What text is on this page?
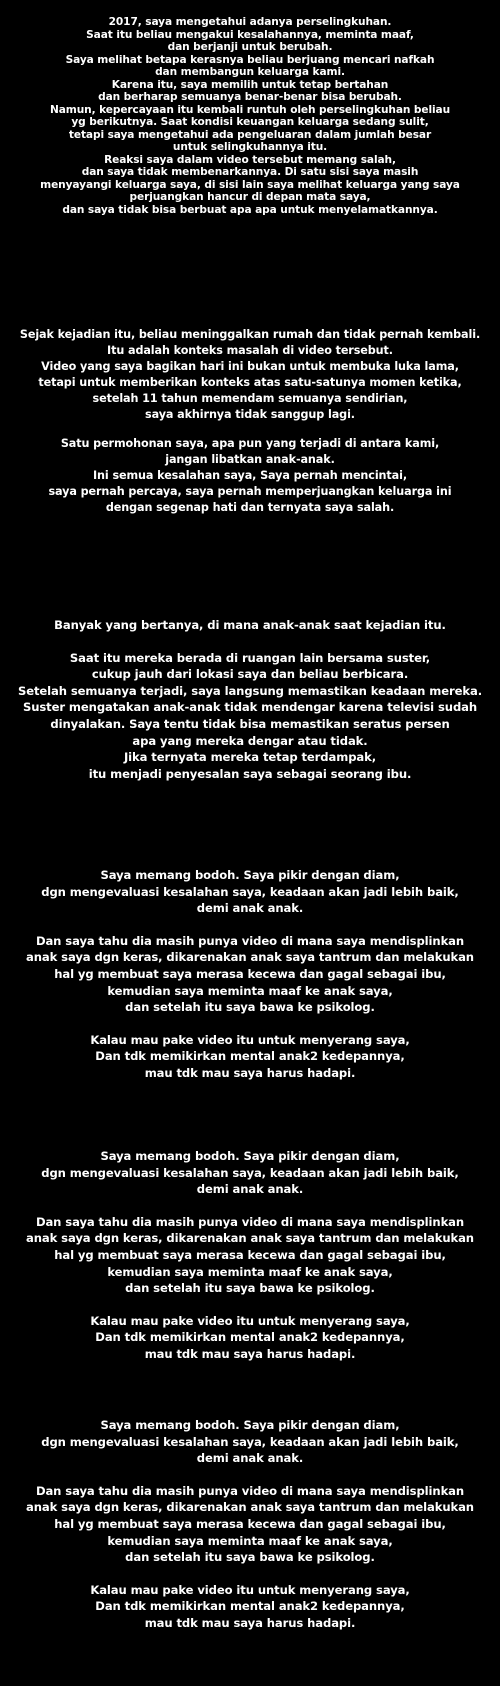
2017, saya mengetahui adanya perselingkuhan.
Saat itu beliau mengakui kesalahannya, meminta maaf,
dan berjanji untuk berubah.
Saya melihat betapa kerasnya beliau berjuang mencari nafkah
dan membangun keluarga kami.
Karena itu, saya memilih untuk tetap bertahan
dan berharap semuanya benar-benar bisa berubah.
Namun, kepercayaan itu kembali runtuh oleh perselingkuhan beliau
yg berikutnya. Saat kondisi keuangan keluarga sedang sulit,
tetapi saya mengetahui ada pengeluaran dalam jumlah besar
untuk selingkuhannya itu.
Reaksi saya dalam video tersebut memang salah,
dan saya tidak membenarkannya. Di satu sisi saya masih
menyayangi keluarga saya, di sisi lain saya melihat keluarga yang saya
perjuangkan hancur di depan mata saya,
dan saya tidak bisa berbuat apa apa untuk menyelamatkannya.
Sejak kejadian itu, beliau meninggalkan rumah dan tidak pernah kembali.
Itu adalah konteks masalah di video tersebut.
Video yang saya bagikan hari ini bukan untuk membuka luka lama,
tetapi untuk memberikan konteks atas satu-satunya momen ketika,
setelah 11 tahun memendam semuanya sendirian,
saya akhirnya tidak sanggup lagi.
Satu permohonan saya, apa pun yang terjadi di antara kami,
jangan libatkan anak-anak.
Ini semua kesalahan saya, Saya pernah mencintai,
saya pernah percaya, saya pernah memperjuangkan keluarga ini
dengan segenap hati dan ternyata saya salah.
Banyak yang bertanya, di mana anak-anak saat kejadian itu.
Saat itu mereka berada di ruangan lain bersama suster,
cukup jauh dari lokasi saya dan beliau berbicara.
Setelah semuanya terjadi, saya langsung memastikan keadaan mereka.
Suster mengatakan anak-anak tidak mendengar karena televisi sudah
dinyalakan. Saya tentu tidak bisa memastikan seratus persen
apa yang mereka dengar atau tidak.
Jika ternyata mereka tetap terdampak,
itu menjadi penyesalan saya sebagai seorang ibu.
Saya memang bodoh. Saya pikir dengan diam,
dgn mengevaluasi kesalahan saya, keadaan akan jadi lebih baik,
demi anak anak.
Dan saya tahu dia masih punya video di mana saya mendisplinkan
anak saya dgn keras, dikarenakan anak saya tantrum dan melakukan
hal yg membuat saya merasa kecewa dan gagal sebagai ibu,
kemudian saya meminta maaf ke anak saya,
dan setelah itu saya bawa ke psikolog.
Kalau mau pake video itu untuk menyerang saya,
Dan tdk memikirkan mental anak2 kedepannya,
mau tdk mau saya harus hadapi.
Saya memang bodoh. Saya pikir dengan diam,
dgn mengevaluasi kesalahan saya, keadaan akan jadi lebih baik,
demi anak anak.
Dan saya tahu dia masih punya video di mana saya mendisplinkan
anak saya dgn keras, dikarenakan anak saya tantrum dan melakukan
hal yg membuat saya merasa kecewa dan gagal sebagai ibu,
kemudian saya meminta maaf ke anak saya,
dan setelah itu saya bawa ke psikolog.
Kalau mau pake video itu untuk menyerang saya,
Dan tdk memikirkan mental anak2 kedepannya,
mau tdk mau saya harus hadapi.
Saya memang bodoh. Saya pikir dengan diam,
dgn mengevaluasi kesalahan saya, keadaan akan jadi lebih baik,
demi anak anak.
Dan saya tahu dia masih punya video di mana saya mendisplinkan
anak saya dgn keras, dikarenakan anak saya tantrum dan melakukan
hal yg membuat saya merasa kecewa dan gagal sebagai ibu,
kemudian saya meminta maaf ke anak saya,
dan setelah itu saya bawa ke psikolog.
Kalau mau pake video itu untuk menyerang saya,
Dan tdk memikirkan mental anak2 kedepannya,
mau tdk mau saya harus hadapi.
